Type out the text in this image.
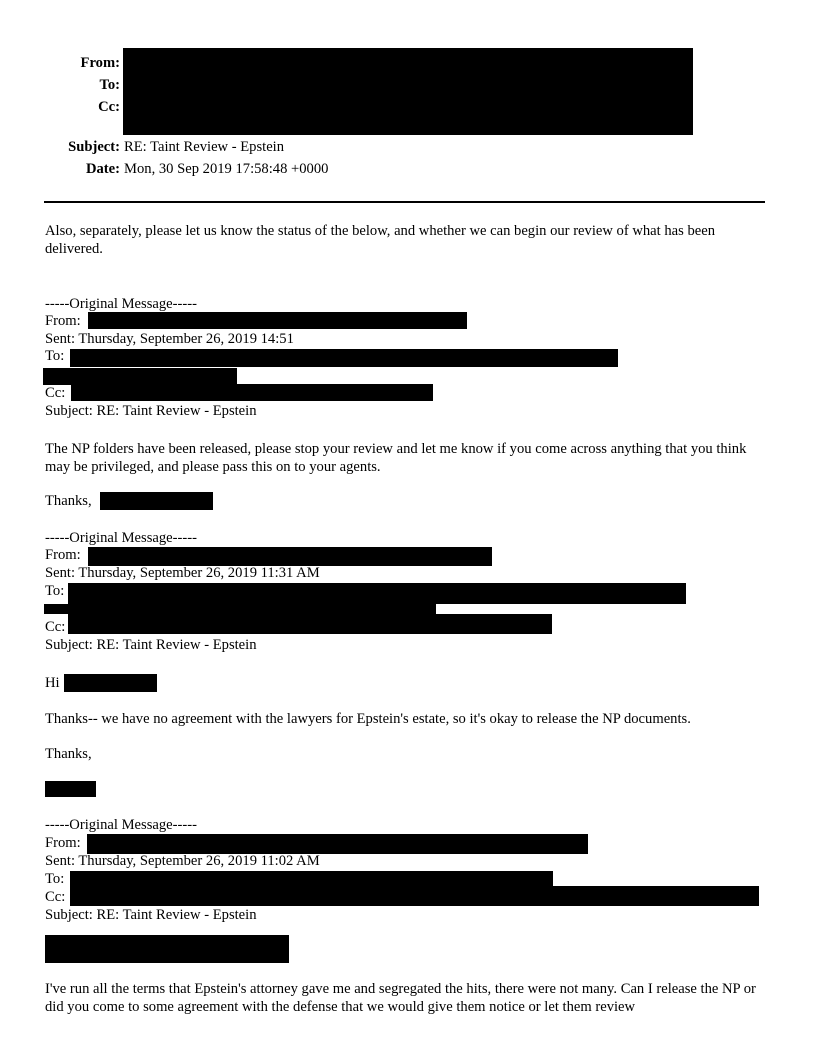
From:
To:
Cc:
Subject: RE: Taint Review - Epstein
Date: Mon, 30 Sep 2019 17:58:48 +0000
Also, separately, please let us know the status of the below, and whether we can begin our review of what has been delivered.
-----Original Message-----
From:
Sent: Thursday, September 26, 2019 14:51
To:
Cc:
Subject: RE: Taint Review - Epstein
The NP folders have been released, please stop your review and let me know if you come across anything that you think may be privileged, and please pass this on to your agents.
Thanks,
-----Original Message-----
From:
Sent: Thursday, September 26, 2019 11:31 AM
To:
Cc:
Subject: RE: Taint Review - Epstein
Hi
Thanks-- we have no agreement with the lawyers for Epstein's estate, so it's okay to release the NP documents.
Thanks,
-----Original Message-----
From:
Sent: Thursday, September 26, 2019 11:02 AM
To:
Cc:
Subject: RE: Taint Review - Epstein
I've run all the terms that Epstein's attorney gave me and segregated the hits, there were not many. Can I release the NP or did you come to some agreement with the defense that we would give them notice or let them review
